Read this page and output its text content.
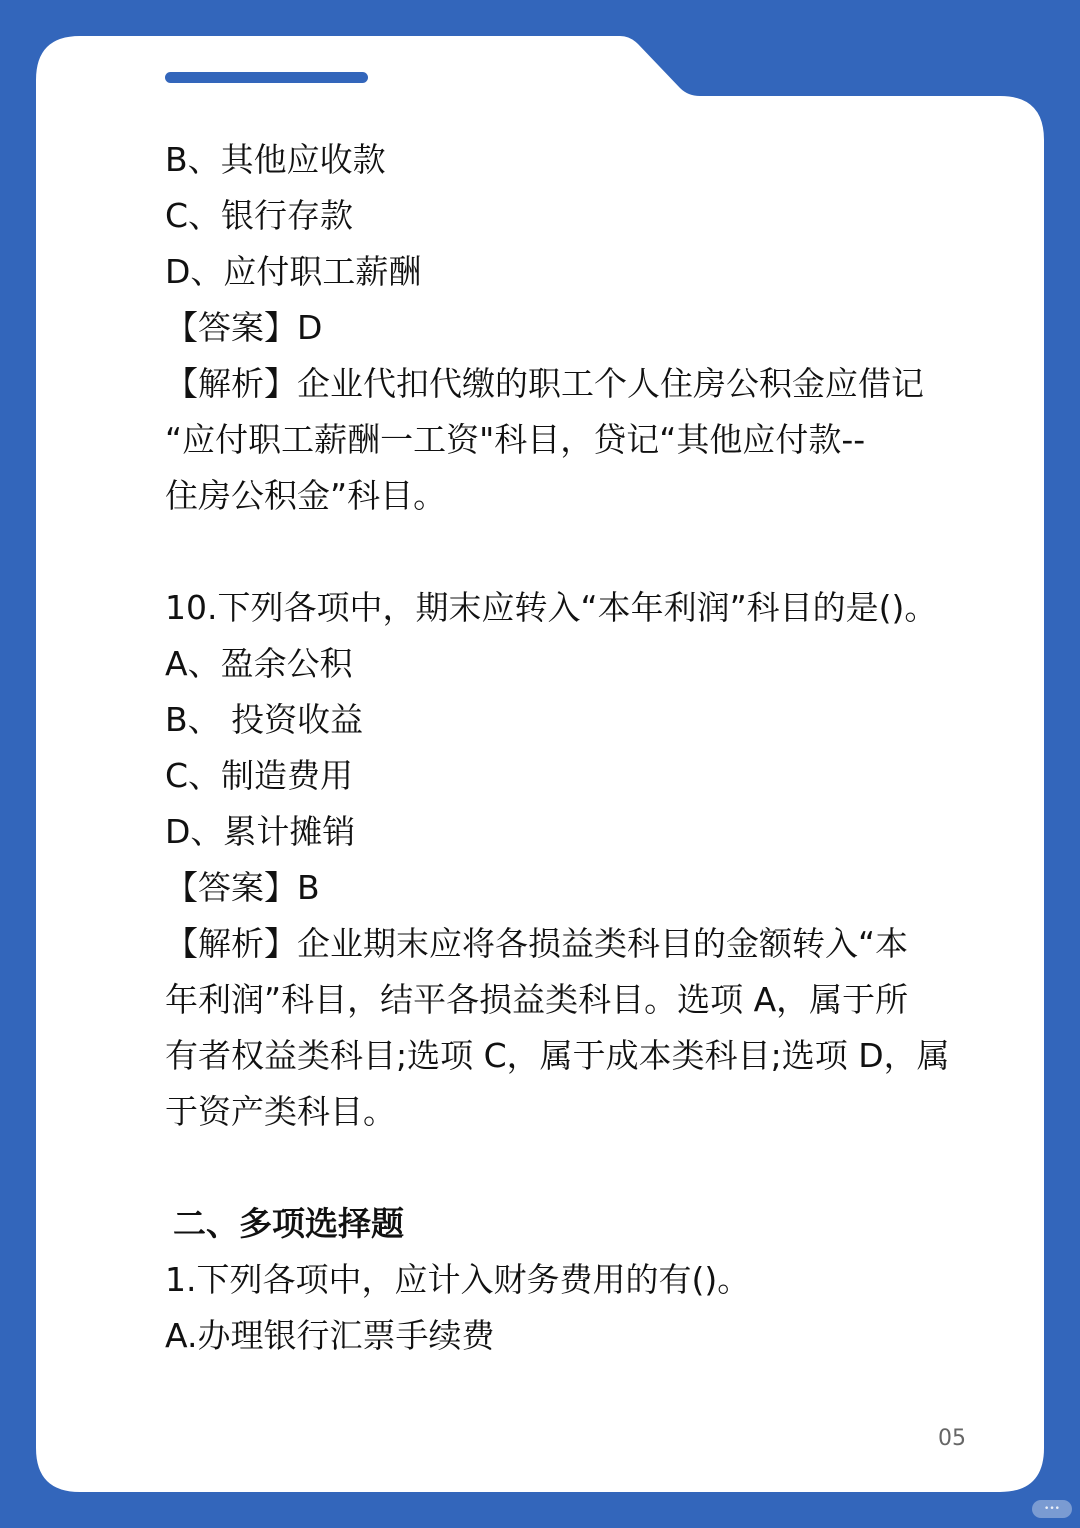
B、其他应收款
C、银行存款
D、应付职工薪酬
【答案】D
【解析】企业代扣代缴的职工个人住房公积金应借记
“应付职工薪酬一工资"科目，贷记“其他应付款--
住房公积金”科目。
10.下列各项中，期末应转入“本年利润”科目的是()。
A、盈余公积
B、 投资收益
C、制造费用
D、累计摊销
【答案】B
【解析】企业期末应将各损益类科目的金额转入“本
年利润”科目，结平各损益类科目。选项 A，属于所
有者权益类科目;选项 C，属于成本类科目;选项 D，属
于资产类科目。
二、多项选择题
1.下列各项中，应计入财务费用的有()。
A.办理银行汇票手续费
05
•••
